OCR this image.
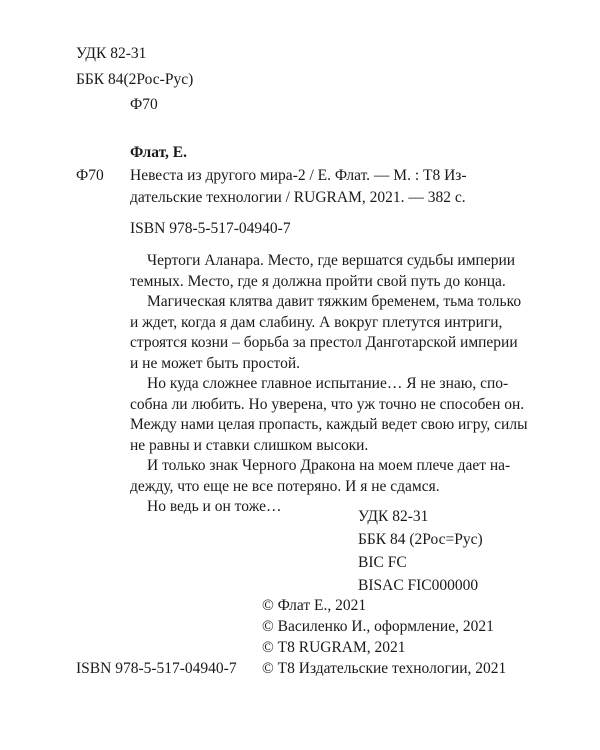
УДК 82-31
ББК 84(2Рос-Рус)
Ф70
Флат, Е.
Ф70 Невеста из другого мира-2 / Е. Флат. — М. : Т8 Из-
дательские технологии / RUGRAM, 2021. — 382 с.
ISBN 978-5-517-04940-7
Чертоги Аланара. Место, где вершатся судьбы империи
темных. Место, где я должна пройти свой путь до конца.
Магическая клятва давит тяжким бременем, тьма только
и ждет, когда я дам слабину. А вокруг плетутся интриги,
строятся козни – борьба за престол Данготарской империи
и не может быть простой.
Но куда сложнее главное испытание… Я не знаю, спо-
собна ли любить. Но уверена, что уж точно не способен он.
Между нами целая пропасть, каждый ведет свою игру, силы
не равны и ставки слишком высоки.
И только знак Черного Дракона на моем плече дает на-
дежду, что еще не все потеряно. И я не сдамся.
Но ведь и он тоже…
УДК 82-31
ББК 84 (2Рос=Рус)
BIC FC
BISAC FIC000000
© Флат Е., 2021
© Василенко И., оформление, 2021
© Т8 RUGRAM, 2021
ISBN 978-5-517-04940-7 © Т8 Издательские технологии, 2021
